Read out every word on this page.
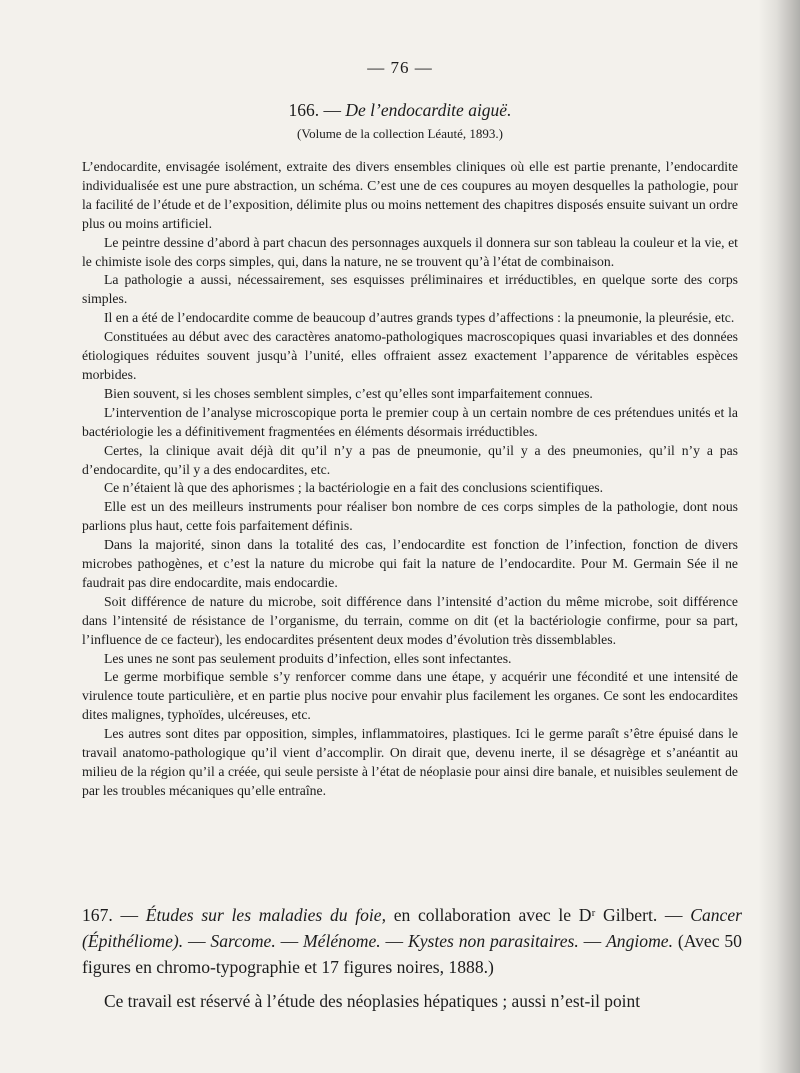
— 76 —
166. — De l’endocardite aiguë.
(Volume de la collection Léauté, 1893.)

L’endocardite, envisagée isolément, extraite des divers ensembles cliniques où elle est partie prenante, l’endocardite individualisée est une pure abstraction, un schéma. C’est une de ces coupures au moyen desquelles la pathologie, pour la facilité de l’étude et de l’exposition, délimite plus ou moins nettement des chapitres disposés ensuite suivant un ordre plus ou moins artificiel.

Le peintre dessine d’abord à part chacun des personnages auxquels il donnera sur son tableau la couleur et la vie, et le chimiste isole des corps simples, qui, dans la nature, ne se trouvent qu’à l’état de combinaison.

La pathologie a aussi, nécessairement, ses esquisses préliminaires et irréductibles, en quelque sorte des corps simples.

Il en a été de l’endocardite comme de beaucoup d’autres grands types d’affections : la pneumonie, la pleurésie, etc.

Constituées au début avec des caractères anatomo-pathologiques macroscopiques quasi invariables et des données étiologiques réduites souvent jusqu’à l’unité, elles offraient assez exactement l’apparence de véritables espèces morbides.

Bien souvent, si les choses semblent simples, c’est qu’elles sont imparfaitement connues.

L’intervention de l’analyse microscopique porta le premier coup à un certain nombre de ces prétendues unités et la bactériologie les a définitivement fragmentées en éléments désormais irréductibles.

Certes, la clinique avait déjà dit qu’il n’y a pas de pneumonie, qu’il y a des pneumonies, qu’il n’y a pas d’endocardite, qu’il y a des endocardites, etc.

Ce n’étaient là que des aphorismes ; la bactériologie en a fait des conclusions scientifiques.

Elle est un des meilleurs instruments pour réaliser bon nombre de ces corps simples de la pathologie, dont nous parlions plus haut, cette fois parfaitement définis.

Dans la majorité, sinon dans la totalité des cas, l’endocardite est fonction de l’infection, fonction de divers microbes pathogènes, et c’est la nature du microbe qui fait la nature de l’endocardite. Pour M. Germain Sée il ne faudrait pas dire endocardite, mais endocardie.

Soit différence de nature du microbe, soit différence dans l’intensité d’action du même microbe, soit différence dans l’intensité de résistance de l’organisme, du terrain, comme on dit (et la bactériologie confirme, pour sa part, l’influence de ce facteur), les endocardites présentent deux modes d’évolution très dissemblables.

Les unes ne sont pas seulement produits d’infection, elles sont infectantes.

Le germe morbifique semble s’y renforcer comme dans une étape, y acquérir une fécondité et une intensité de virulence toute particulière, et en partie plus nocive pour envahir plus facilement les organes. Ce sont les endocardites dites malignes, typhoïdes, ulcéreuses, etc.

Les autres sont dites par opposition, simples, inflammatoires, plastiques. Ici le germe paraît s’être épuisé dans le travail anatomo-pathologique qu’il vient d’accomplir. On dirait que, devenu inerte, il se désagrège et s’anéantit au milieu de la région qu’il a créée, qui seule persiste à l’état de néoplasie pour ainsi dire banale, et nuisibles seulement de par les troubles mécaniques qu’elle entraîne.

167. — Études sur les maladies du foie, en collaboration avec le Dʳ Gilbert. — Cancer (Épithéliome). — Sarcome. — Mélénome. — Kystes non parasitaires. — Angiome. (Avec 50 figures en chromo-typographie et 17 figures noires, 1888.)
Ce travail est réservé à l’étude des néoplasies hépatiques ; aussi n’est-il point
